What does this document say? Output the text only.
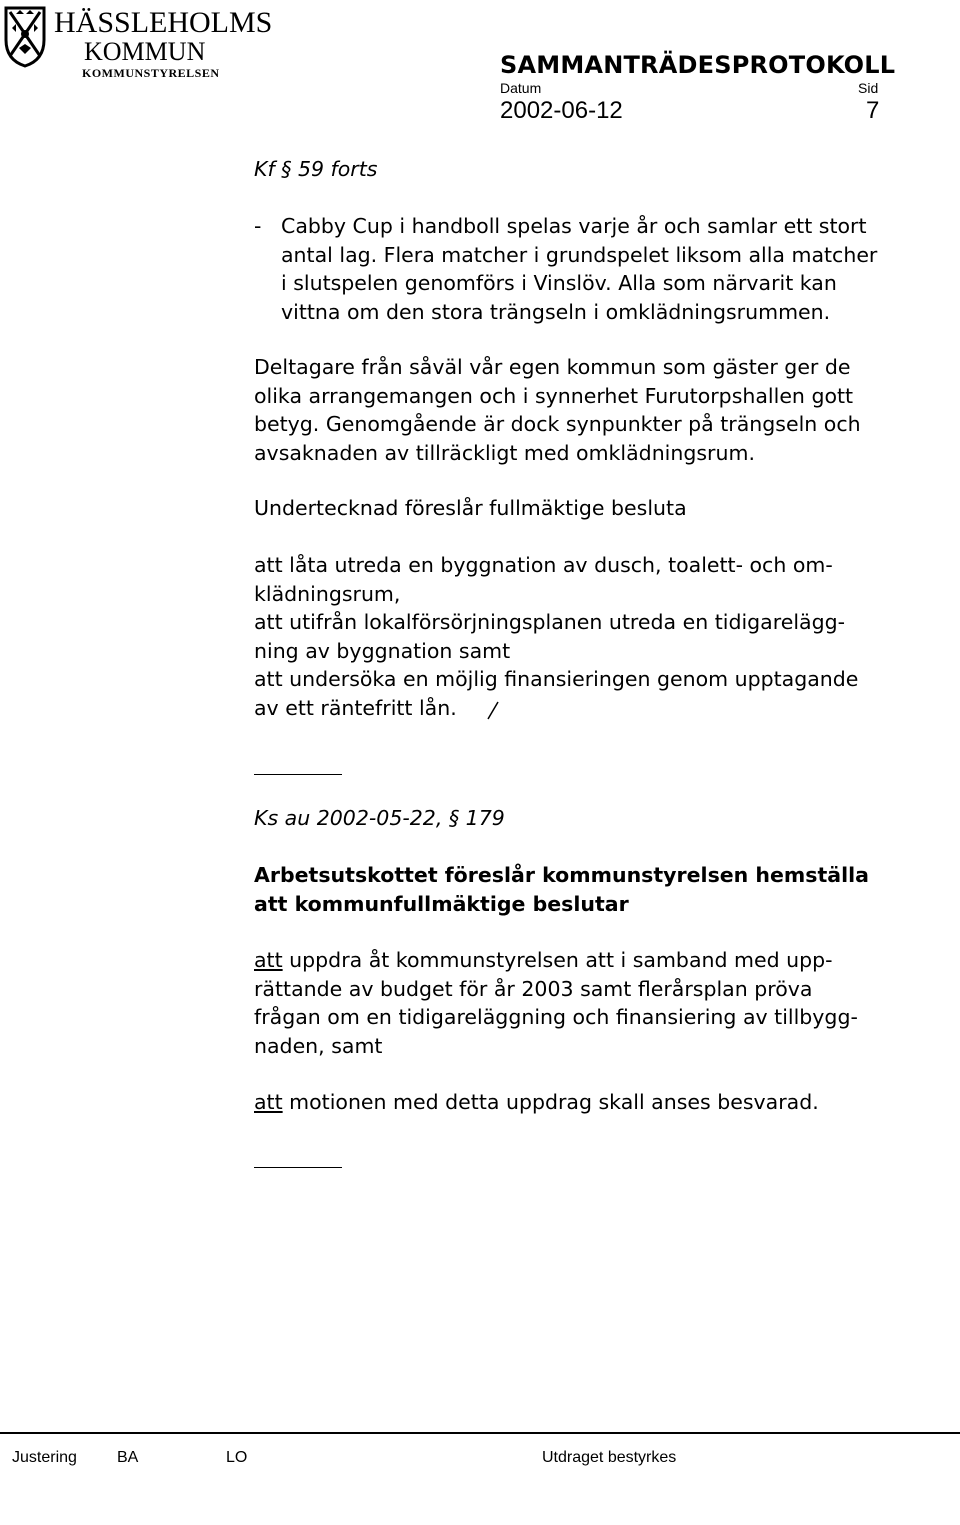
HÄSSLEHOLMS
KOMMUN
KOMMUNSTYRELSEN	SAMMANTRÄDESPROTOKOLL
Datum	Sid
2002-06-12	7
Kf § 59 forts
- Cabby Cup i handboll spelas varje år och samlar ett stort
antal lag. Flera matcher i grundspelet liksom alla matcher
i slutspelen genomförs i Vinslöv. Alla som närvarit kan
vittna om den stora trängseln i omklädningsrummen.
Deltagare från såväl vår egen kommun som gäster ger de
olika arrangemangen och i synnerhet Furutorpshallen gott
betyg. Genomgående är dock synpunkter på trängseln och
avsaknaden av tillräckligt med omklädningsrum.
Undertecknad föreslår fullmäktige besluta
att låta utreda en byggnation av dusch, toalett- och om-
klädningsrum,
att utifrån lokalförsörjningsplanen utreda en tidigarelägg-
ning av byggnation samt
att undersöka en möjlig finansieringen genom upptagande
av ett räntefritt lån.
Ks au 2002-05-22, § 179
Arbetsutskottet föreslår kommunstyrelsen hemställa
att kommunfullmäktige beslutar
att uppdra åt kommunstyrelsen att i samband med upp-
rättande av budget för år 2003 samt flerårsplan pröva
frågan om en tidigareläggning och finansiering av tillbygg-
naden, samt
att motionen med detta uppdrag skall anses besvarad.
Justering	BA	LO	Utdraget bestyrkes
